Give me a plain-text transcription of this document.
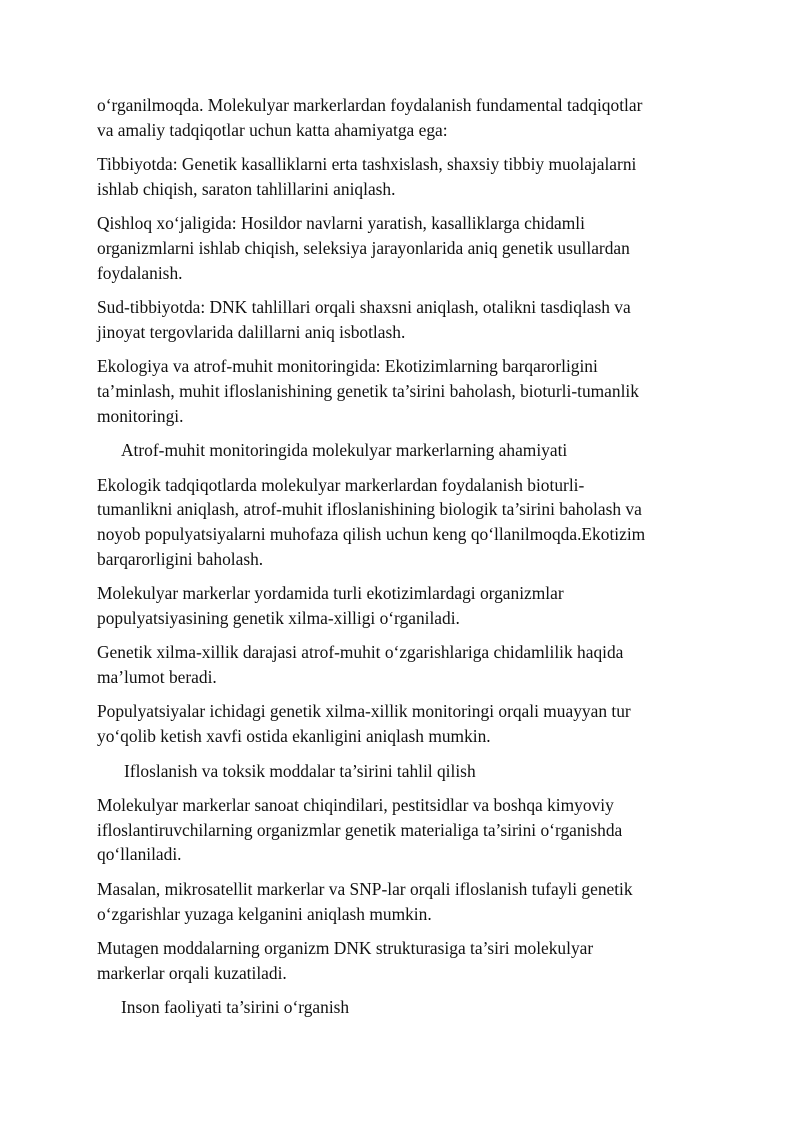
o‘rganilmoqda. Molekulyar markerlardan foydalanish fundamental tadqiqotlar
va amaliy tadqiqotlar uchun katta ahamiyatga ega:

Tibbiyotda: Genetik kasalliklarni erta tashxislash, shaxsiy tibbiy muolajalarni
ishlab chiqish, saraton tahlillarini aniqlash.

Qishloq xo‘jaligida: Hosildor navlarni yaratish, kasalliklarga chidamli
organizmlarni ishlab chiqish, seleksiya jarayonlarida aniq genetik usullardan
foydalanish.

Sud-tibbiyotda: DNK tahlillari orqali shaxsni aniqlash, otalikni tasdiqlash va
jinoyat tergovlarida dalillarni aniq isbotlash.

Ekologiya va atrof-muhit monitoringida: Ekotizimlarning barqarorligini
ta’minlash, muhit ifloslanishining genetik ta’sirini baholash, bioturli-tumanlik
monitoringi.

Atrof-muhit monitoringida molekulyar markerlarning ahamiyati

Ekologik tadqiqotlarda molekulyar markerlardan foydalanish bioturli-
tumanlikni aniqlash, atrof-muhit ifloslanishining biologik ta’sirini baholash va
noyob populyatsiyalarni muhofaza qilish uchun keng qo‘llanilmoqda.Ekotizim
barqarorligini baholash.

Molekulyar markerlar yordamida turli ekotizimlardagi organizmlar
populyatsiyasining genetik xilma-xilligi o‘rganiladi.

Genetik xilma-xillik darajasi atrof-muhit o‘zgarishlariga chidamlilik haqida
ma’lumot beradi.

Populyatsiyalar ichidagi genetik xilma-xillik monitoringi orqali muayyan tur
yo‘qolib ketish xavfi ostida ekanligini aniqlash mumkin.

Ifloslanish va toksik moddalar ta’sirini tahlil qilish

Molekulyar markerlar sanoat chiqindilari, pestitsidlar va boshqa kimyoviy
ifloslantiruvchilarning organizmlar genetik materialiga ta’sirini o‘rganishda
qo‘llaniladi.

Masalan, mikrosatellit markerlar va SNP-lar orqali ifloslanish tufayli genetik
o‘zgarishlar yuzaga kelganini aniqlash mumkin.

Mutagen moddalarning organizm DNK strukturasiga ta’siri molekulyar
markerlar orqali kuzatiladi.

Inson faoliyati ta’sirini o‘rganish
